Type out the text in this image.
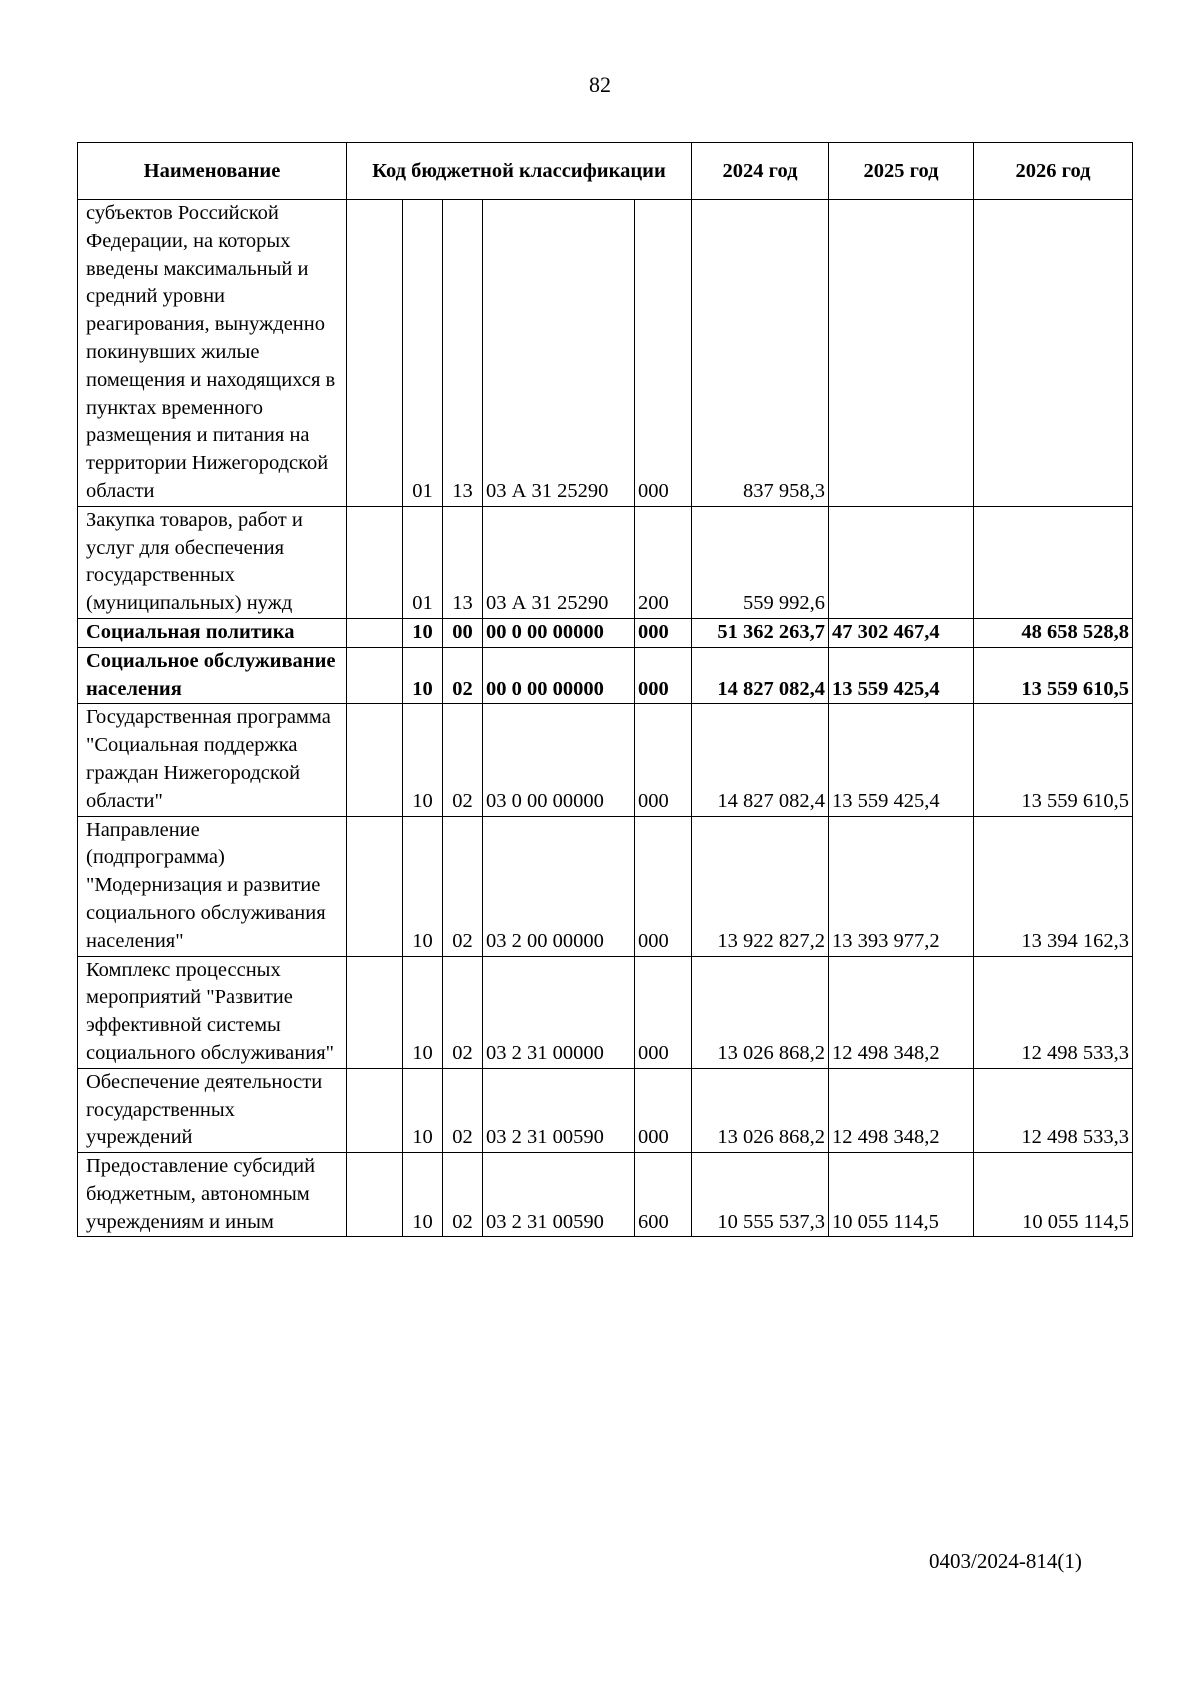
82
Наименование	Код бюджетной классификации					2024 год	2025 год	2026 год
субъектов Российской Федерации, на которых введены максимальный и средний уровни реагирования, вынужденно покинувших жилые помещения и находящихся в пунктах временного размещения и питания на территории Нижегородской области		01	13	03 А 31 25290	000	837 958,3		
Закупка товаров, работ и услуг для обеспечения государственных (муниципальных) нужд		01	13	03 А 31 25290	200	559 992,6		
Социальная политика		10	00	00 0 00 00000	000	51 362 263,7	47 302 467,4	48 658 528,8
Социальное обслуживание населения		10	02	00 0 00 00000	000	14 827 082,4	13 559 425,4	13 559 610,5
Государственная программа "Социальная поддержка граждан Нижегородской области"		10	02	03 0 00 00000	000	14 827 082,4	13 559 425,4	13 559 610,5
Направление (подпрограмма) "Модернизация и развитие социального обслуживания населения"		10	02	03 2 00 00000	000	13 922 827,2	13 393 977,2	13 394 162,3
Комплекс процессных мероприятий "Развитие эффективной системы социального обслуживания"		10	02	03 2 31 00000	000	13 026 868,2	12 498 348,2	12 498 533,3
Обеспечение деятельности государственных учреждений		10	02	03 2 31 00590	000	13 026 868,2	12 498 348,2	12 498 533,3
Предоставление субсидий бюджетным, автономным учреждениям и иным		10	02	03 2 31 00590	600	10 555 537,3	10 055 114,5	10 055 114,5
0403/2024-814(1)
